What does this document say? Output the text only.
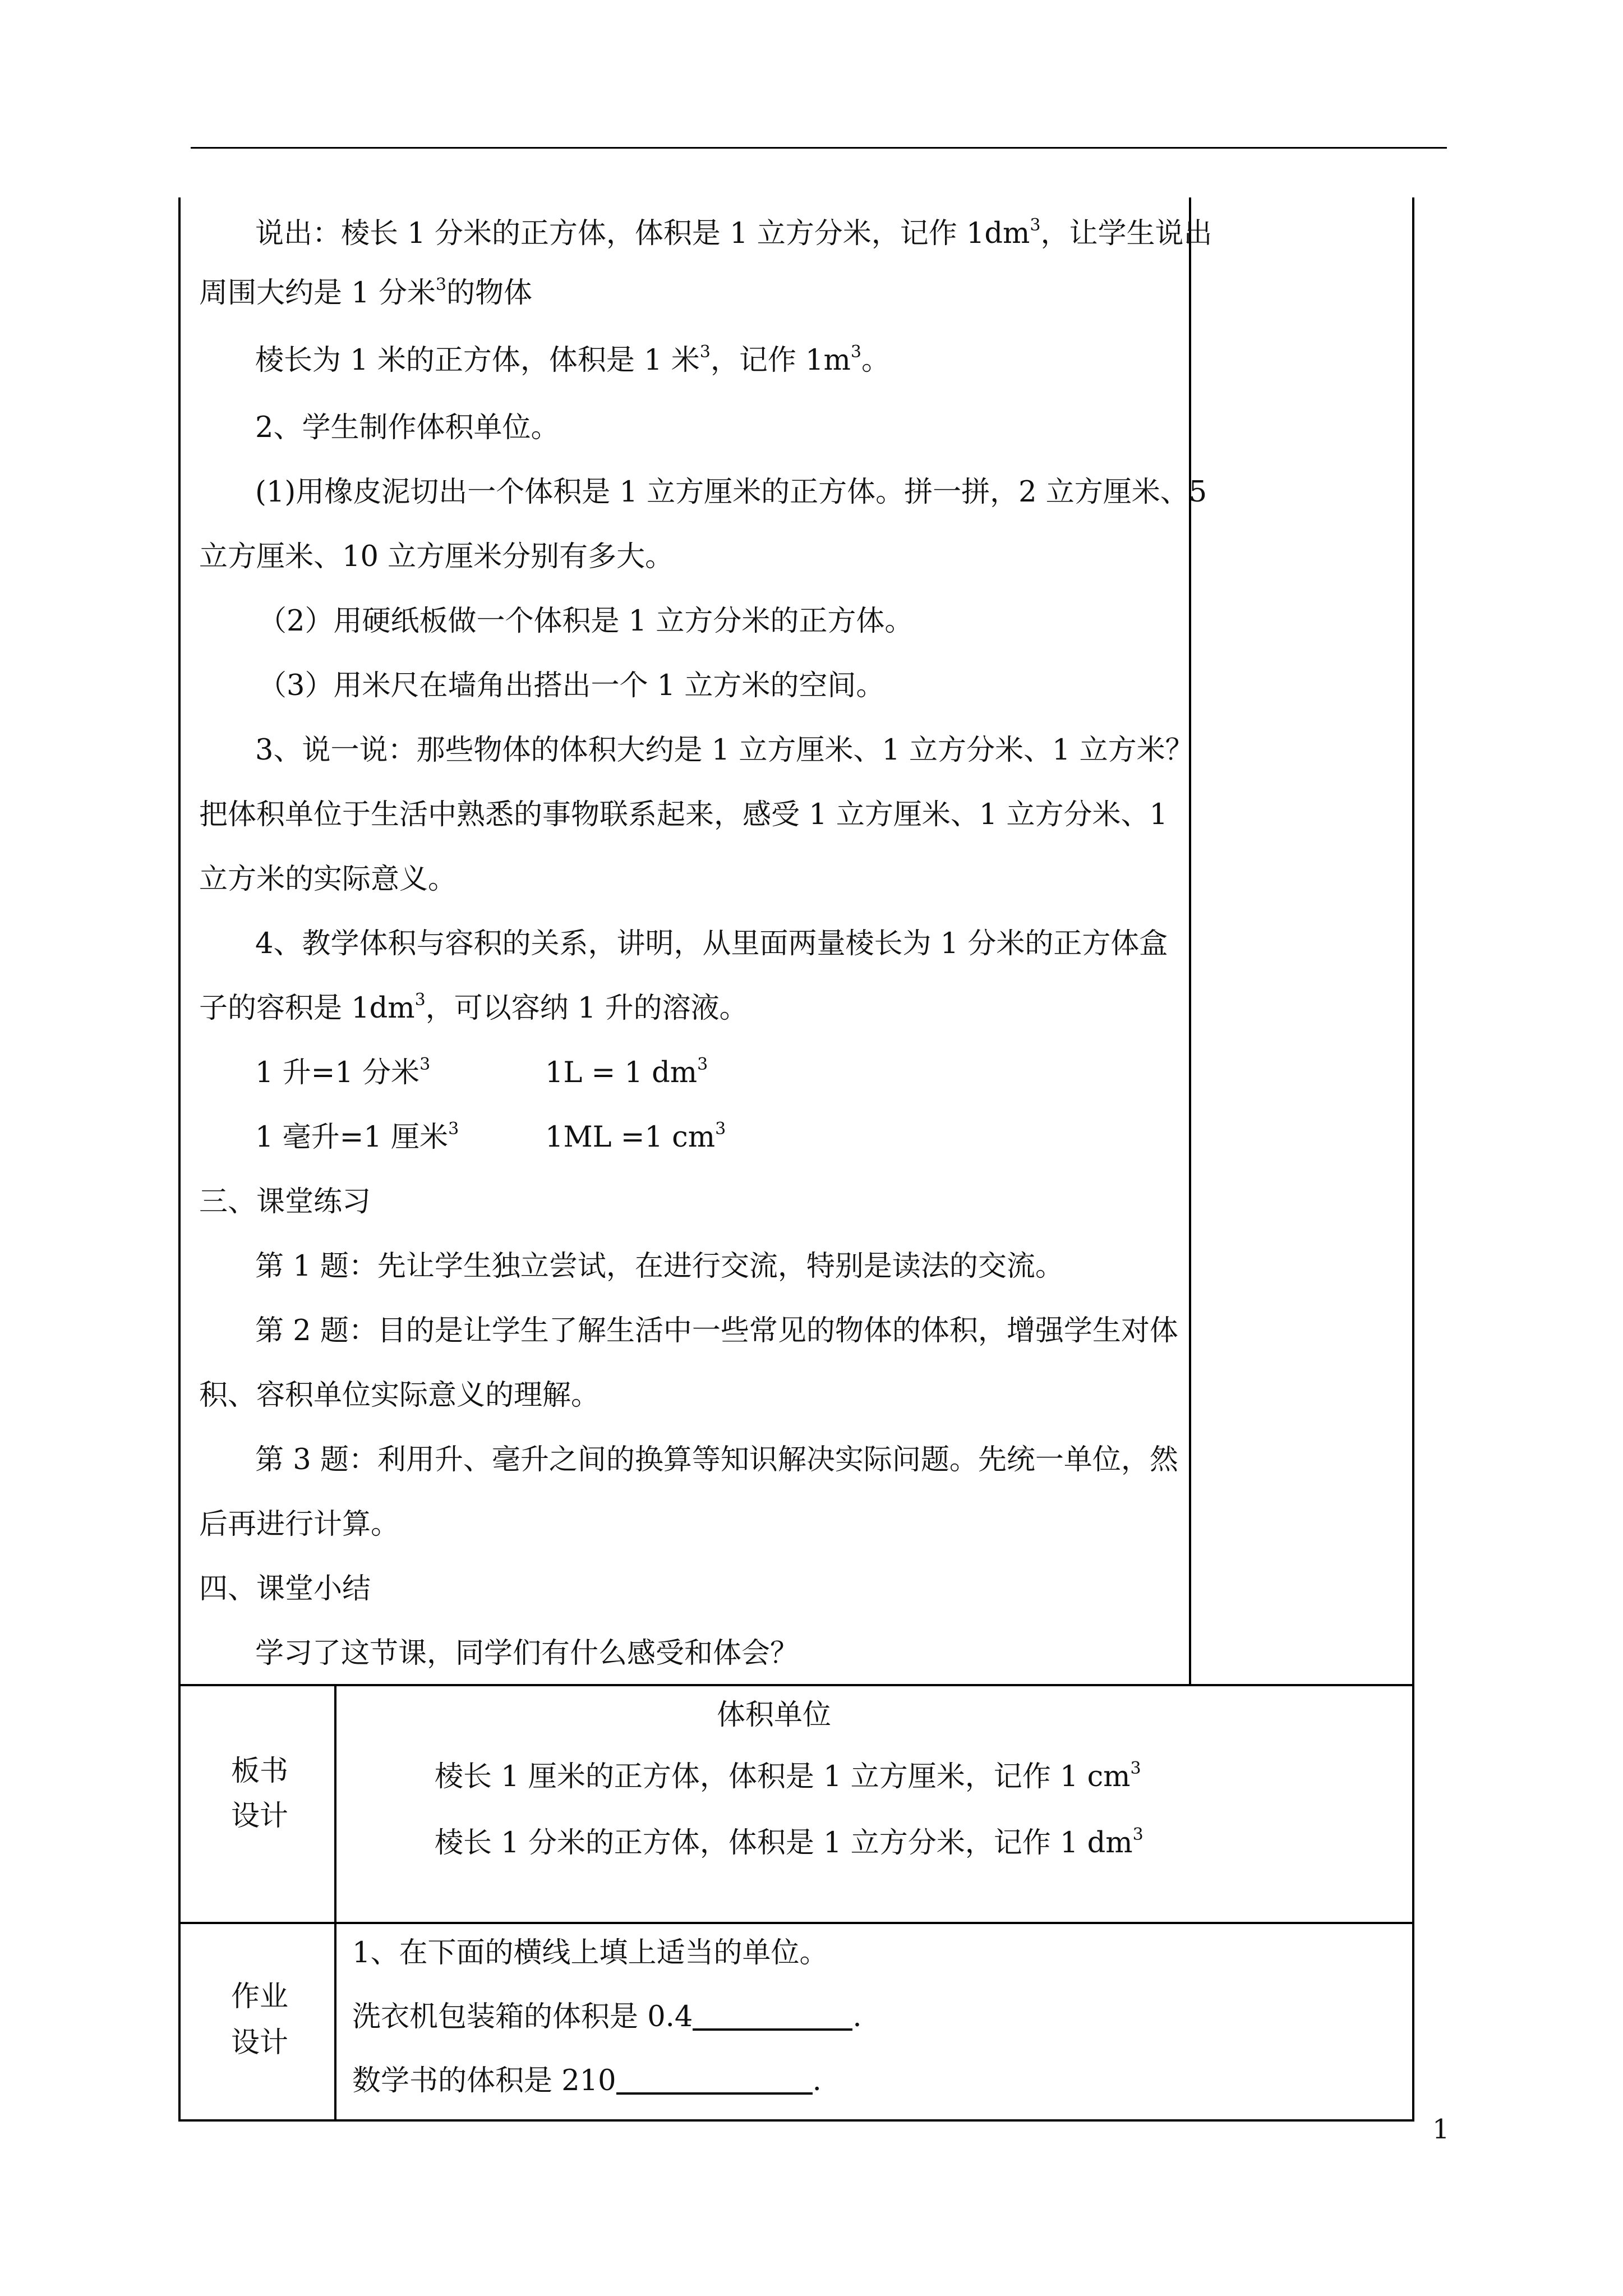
说出：棱长 1 分米的正方体，体积是 1 立方分米，记作 $1dm^3$，让学生说出
周围大约是 1 分米$^3$的物体
棱长为 1 米的正方体，体积是 1 米$^3$，记作 $1m^3$。
2、学生制作体积单位。
(1)用橡皮泥切出一个体积是 1 立方厘米的正方体。拼一拼，2 立方厘米、5
立方厘米、10 立方厘米分别有多大。
（2）用硬纸板做一个体积是 1 立方分米的正方体。
（3）用米尺在墙角出搭出一个 1 立方米的空间。
3、说一说：那些物体的体积大约是 1 立方厘米、1 立方分米、1 立方米？
把体积单位于生活中熟悉的事物联系起来，感受 1 立方厘米、1 立方分米、1
立方米的实际意义。
4、教学体积与容积的关系，讲明，从里面两量棱长为 1 分米的正方体盒
子的容积是 $1dm^3$，可以容纳 1 升的溶液。
1 升=1 分米$^3$	1L = 1 $dm^3$
1 毫升=1 厘米$^3$	1ML =1 $cm^3$
三、课堂练习
第 1 题：先让学生独立尝试，在进行交流，特别是读法的交流。
第 2 题：目的是让学生了解生活中一些常见的物体的体积，增强学生对体
积、容积单位实际意义的理解。
第 3 题：利用升、毫升之间的换算等知识解决实际问题。先统一单位，然
后再进行计算。
四、课堂小结
学习了这节课，同学们有什么感受和体会？
板书
设计
体积单位
棱长 1 厘米的正方体，体积是 1 立方厘米，记作 1 $cm^3$
棱长 1 分米的正方体，体积是 1 立方分米，记作 1 $dm^3$
作业
设计
1、在下面的横线上填上适当的单位。
洗衣机包装箱的体积是 0.4	.
数学书的体积是 210	.
1
